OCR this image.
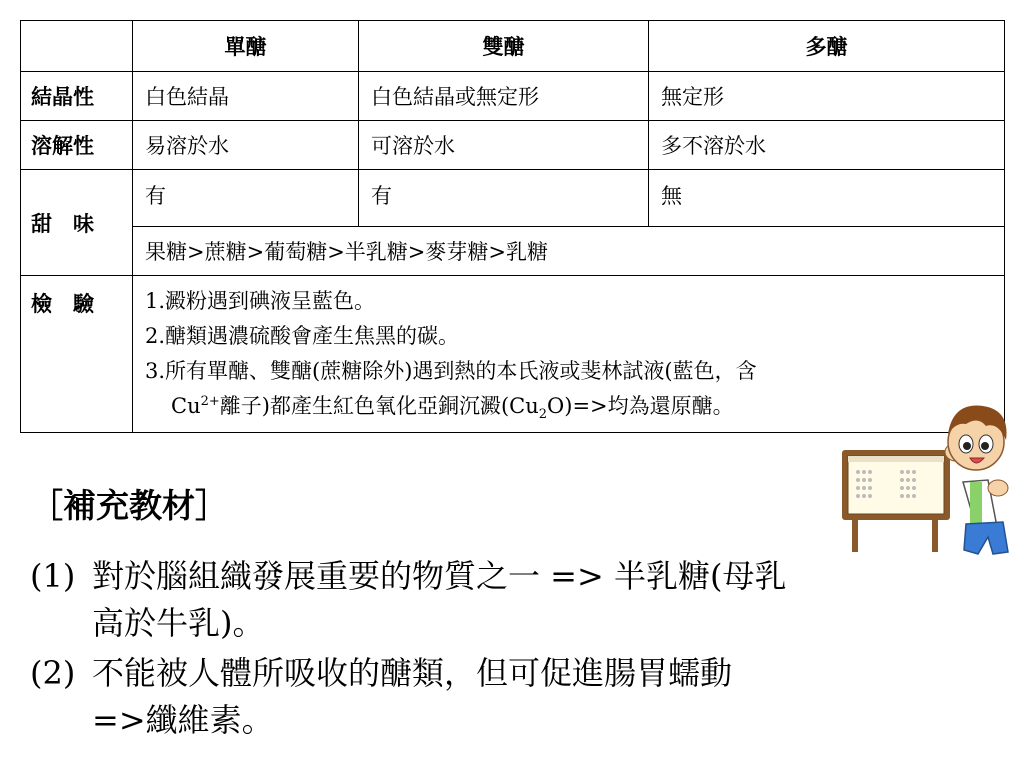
	單醣	雙醣	多醣
結晶性	白色結晶	白色結晶或無定形	無定形
溶解性	易溶於水	可溶於水	多不溶於水
甜　味	有	有	無
	果糖>蔗糖>葡萄糖>半乳糖>麥芽糖>乳糖		
檢　驗	1.澱粉遇到碘液呈藍色。
2.醣類遇濃硫酸會產生焦黑的碳。
3.所有單醣、雙醣(蔗糖除外)遇到熱的本氏液或斐林試液(藍色，含
$Cu^{2+}$離子)都產生紅色氧化亞銅沉澱$(Cu_2O)=>$均為還原醣。		
［補充教材］
(1) 對於腦組織發展重要的物質之一 => 半乳糖(母乳
高於牛乳)。
(2) 不能被人體所吸收的醣類，但可促進腸胃蠕動
=>纖維素。
